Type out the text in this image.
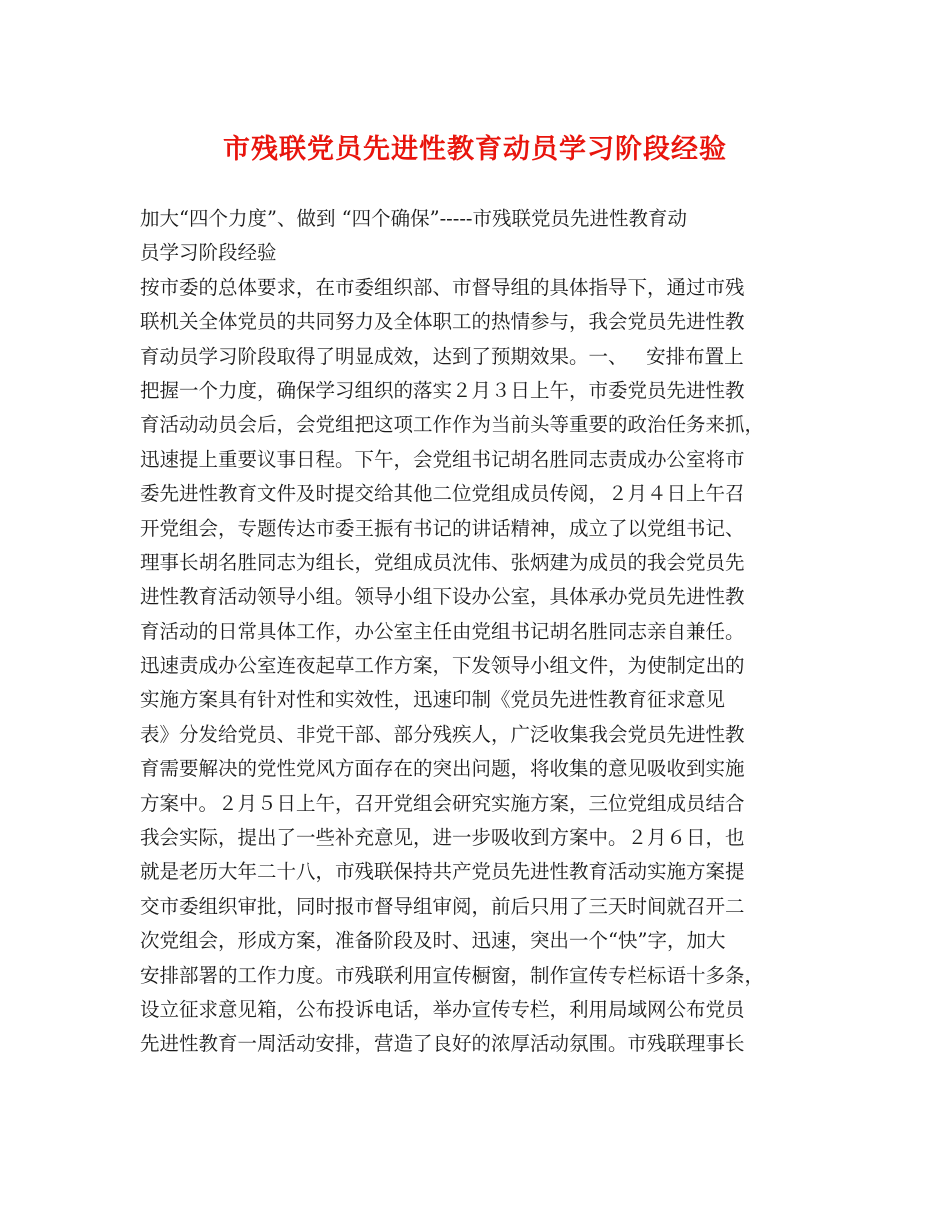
市残联党员先进性教育动员学习阶段经验
加大“四个力度”、做到 “四个确保”-----市残联党员先进性教育动
员学习阶段经验
按市委的总体要求，在市委组织部、市督导组的具体指导下，通过市残
联机关全体党员的共同努力及全体职工的热情参与，我会党员先进性教
育动员学习阶段取得了明显成效，达到了预期效果。一、   安排布置上
把握一个力度，确保学习组织的落实２月３日上午，市委党员先进性教
育活动动员会后，会党组把这项工作作为当前头等重要的政治任务来抓，
迅速提上重要议事日程。下午，会党组书记胡名胜同志责成办公室将市
委先进性教育文件及时提交给其他二位党组成员传阅，２月４日上午召
开党组会，专题传达市委王振有书记的讲话精神，成立了以党组书记、
理事长胡名胜同志为组长，党组成员沈伟、张炳建为成员的我会党员先
进性教育活动领导小组。领导小组下设办公室，具体承办党员先进性教
育活动的日常具体工作，办公室主任由党组书记胡名胜同志亲自兼任。
迅速责成办公室连夜起草工作方案，下发领导小组文件，为使制定出的
实施方案具有针对性和实效性，迅速印制《党员先进性教育征求意见
表》分发给党员、非党干部、部分残疾人，广泛收集我会党员先进性教
育需要解决的党性党风方面存在的突出问题，将收集的意见吸收到实施
方案中。２月５日上午，召开党组会研究实施方案，三位党组成员结合
我会实际，提出了一些补充意见，进一步吸收到方案中。２月６日，也
就是老历大年二十八，市残联保持共产党员先进性教育活动实施方案提
交市委组织审批，同时报市督导组审阅，前后只用了三天时间就召开二
次党组会，形成方案，准备阶段及时、迅速，突出一个“快”字，加大
安排部署的工作力度。市残联利用宣传橱窗，制作宣传专栏标语十多条，
设立征求意见箱，公布投诉电话，举办宣传专栏，利用局域网公布党员
先进性教育一周活动安排，营造了良好的浓厚活动氛围。市残联理事长
